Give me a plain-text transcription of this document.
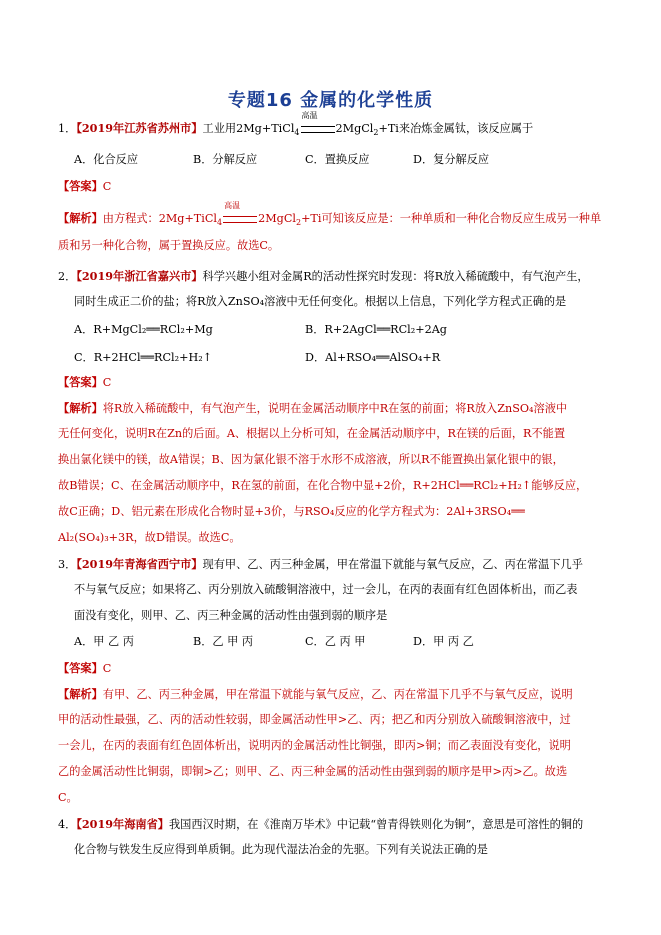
专题16 金属的化学性质
1．【2019年江苏省苏州市】工业用2Mg+TiCl$_4$
高温
2MgCl$_2$+Ti来冶炼金属钛，该反应属于
A．化合反应	B．分解反应	C．置换反应	D．复分解反应
【答案】C
【解析】由方程式：2Mg+TiCl$_4$
高温
2MgCl$_2$+Ti可知该反应是：一种单质和一种化合物反应生成另一种单
质和另一种化合物，属于置换反应。故选C。
2．【2019年浙江省嘉兴市】科学兴趣小组对金属R的活动性探究时发现：将R放入稀硫酸中，有气泡产生，
同时生成正二价的盐；将R放入ZnSO₄溶液中无任何变化。根据以上信息，下列化学方程式正确的是
A．R+MgCl₂══RCl₂+Mg	B．R+2AgCl══RCl₂+2Ag
C．R+2HCl══RCl₂+H₂↑	D．Al+RSO₄══AlSO₄+R
【答案】C
【解析】将R放入稀硫酸中，有气泡产生，说明在金属活动顺序中R在氢的前面；将R放入ZnSO₄溶液中
无任何变化，说明R在Zn的后面。A、根据以上分析可知，在金属活动顺序中，R在镁的后面，R不能置
换出氯化镁中的镁，故A错误；B、因为氯化银不溶于水形不成溶液，所以R不能置换出氯化银中的银，
故B错误；C、在金属活动顺序中，R在氢的前面，在化合物中显+2价，R+2HCl══RCl₂+H₂↑能够反应，
故C正确；D、铝元素在形成化合物时显+3价，与RSO₄反应的化学方程式为：2Al+3RSO₄══
Al₂(SO₄)₃+3R，故D错误。故选C。
3．【2019年青海省西宁市】现有甲、乙、丙三种金属，甲在常温下就能与氧气反应，乙、丙在常温下几乎
不与氧气反应；如果将乙、丙分别放入硫酸铜溶液中，过一会儿，在丙的表面有红色固体析出，而乙表
面没有变化，则甲、乙、丙三种金属的活动性由强到弱的顺序是
A．甲 乙 丙	B．乙 甲 丙	C．乙 丙 甲	D．甲 丙 乙
【答案】C
【解析】有甲、乙、丙三种金属，甲在常温下就能与氧气反应，乙、丙在常温下几乎不与氧气反应，说明
甲的活动性最强，乙、丙的活动性较弱，即金属活动性甲>乙、丙；把乙和丙分别放入硫酸铜溶液中，过
一会儿，在丙的表面有红色固体析出，说明丙的金属活动性比铜强，即丙>铜；而乙表面没有变化，说明
乙的金属活动性比铜弱，即铜>乙；则甲、乙、丙三种金属的活动性由强到弱的顺序是甲>丙>乙。故选
C。
4．【2019年海南省】我国西汉时期，在《淮南万毕术》中记载“曾青得铁则化为铜”，意思是可溶性的铜的
化合物与铁发生反应得到单质铜。此为现代湿法冶金的先驱。下列有关说法正确的是
